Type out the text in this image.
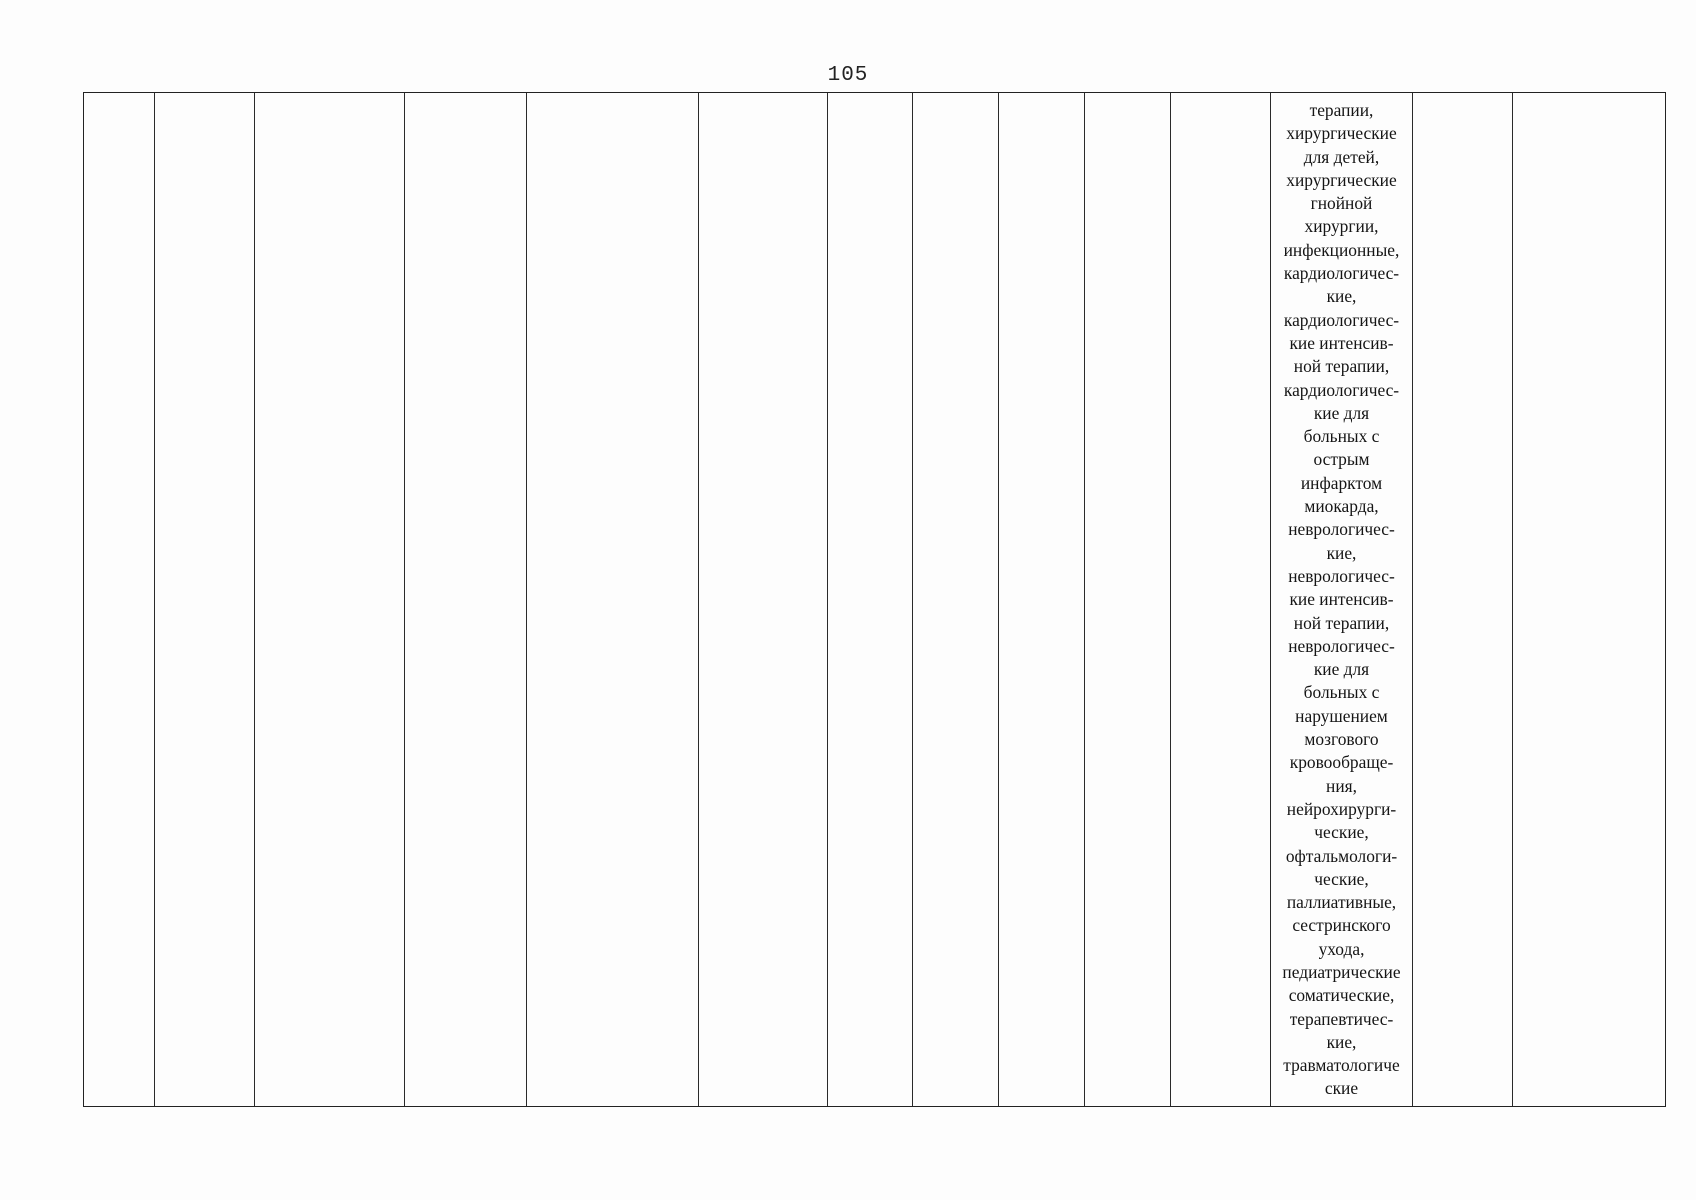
105
терапии,
хирургические
для детей,
хирургические
гнойной
хирургии,
инфекционные,
кардиологичес-
кие,
кардиологичес-
кие интенсив-
ной терапии,
кардиологичес-
кие для
больных с
острым
инфарктом
миокарда,
неврологичес-
кие,
неврологичес-
кие интенсив-
ной терапии,
неврологичес-
кие для
больных с
нарушением
мозгового
кровообраще-
ния,
нейрохирурги-
ческие,
офтальмологи-
ческие,
паллиативные,
сестринского
ухода,
педиатрические
соматические,
терапевтичес-
кие,
травматологиче
ские
